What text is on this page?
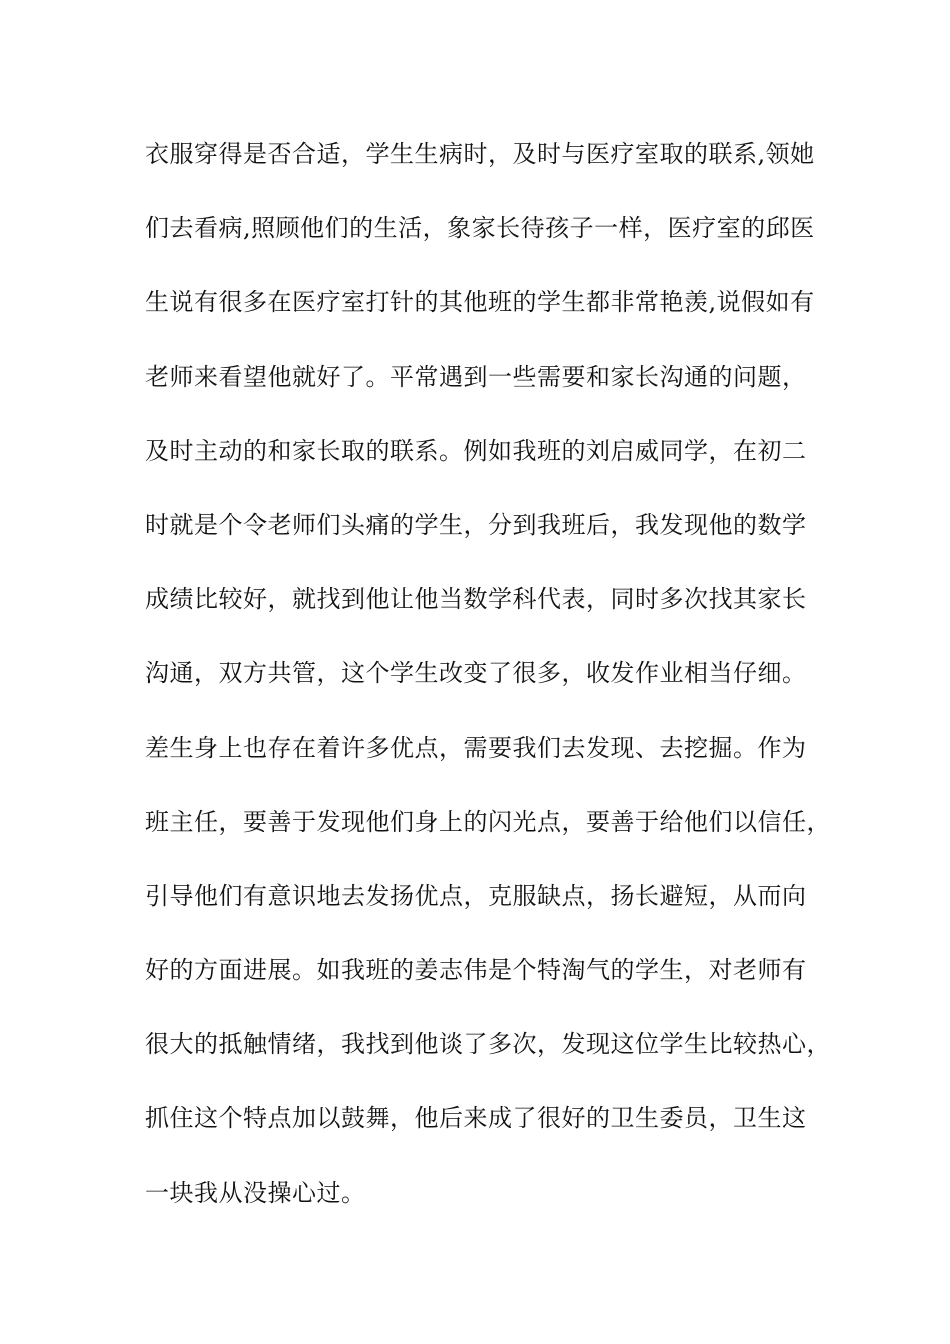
衣服穿得是否合适，学生生病时，及时与医疗室取的联系,领她
们去看病,照顾他们的生活，象家长待孩子一样，医疗室的邱医
生说有很多在医疗室打针的其他班的学生都非常艳羡,说假如有
老师来看望他就好了。平常遇到一些需要和家长沟通的问题，
及时主动的和家长取的联系。例如我班的刘启威同学，在初二
时就是个令老师们头痛的学生，分到我班后，我发现他的数学
成绩比较好，就找到他让他当数学科代表，同时多次找其家长
沟通，双方共管，这个学生改变了很多，收发作业相当仔细。
差生身上也存在着许多优点，需要我们去发现、去挖掘。作为
班主任，要善于发现他们身上的闪光点，要善于给他们以信任，
引导他们有意识地去发扬优点，克服缺点，扬长避短，从而向
好的方面进展。如我班的姜志伟是个特淘气的学生，对老师有
很大的抵触情绪，我找到他谈了多次，发现这位学生比较热心，
抓住这个特点加以鼓舞，他后来成了很好的卫生委员，卫生这
一块我从没操心过。
